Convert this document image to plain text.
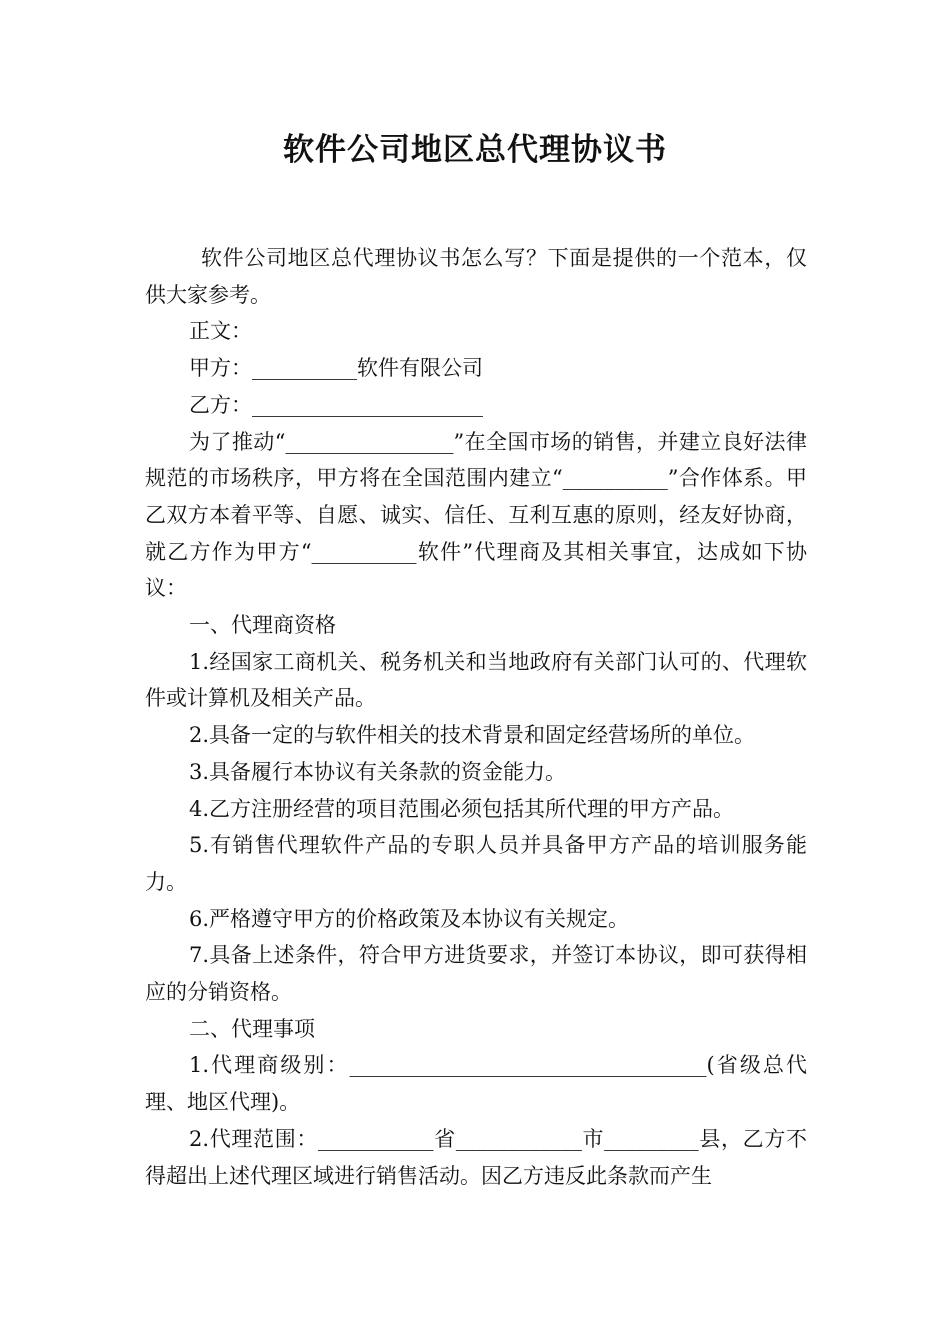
软件公司地区总代理协议书

软件公司地区总代理协议书怎么写？下面是提供的一个范本，仅供大家参考。

正文：

甲方：__________软件有限公司

乙方：______________________

为了推动“________________”在全国市场的销售，并建立良好法律规范的市场秩序，甲方将在全国范围内建立“__________”合作体系。甲乙双方本着平等、自愿、诚实、信任、互利互惠的原则，经友好协商，就乙方作为甲方“__________软件”代理商及其相关事宜，达成如下协议：

一、代理商资格

1.经国家工商机关、税务机关和当地政府有关部门认可的、代理软件或计算机及相关产品。

2.具备一定的与软件相关的技术背景和固定经营场所的单位。

3.具备履行本协议有关条款的资金能力。

4.乙方注册经营的项目范围必须包括其所代理的甲方产品。

5.有销售代理软件产品的专职人员并具备甲方产品的培训服务能力。

6.严格遵守甲方的价格政策及本协议有关规定。

7.具备上述条件，符合甲方进货要求，并签订本协议，即可获得相应的分销资格。

二、代理事项

1.代理商级别：__________________________________(省级总代理、地区代理)。

2.代理范围：___________省____________市_________县，乙方不得超出上述代理区域进行销售活动。因乙方违反此条款而产生
